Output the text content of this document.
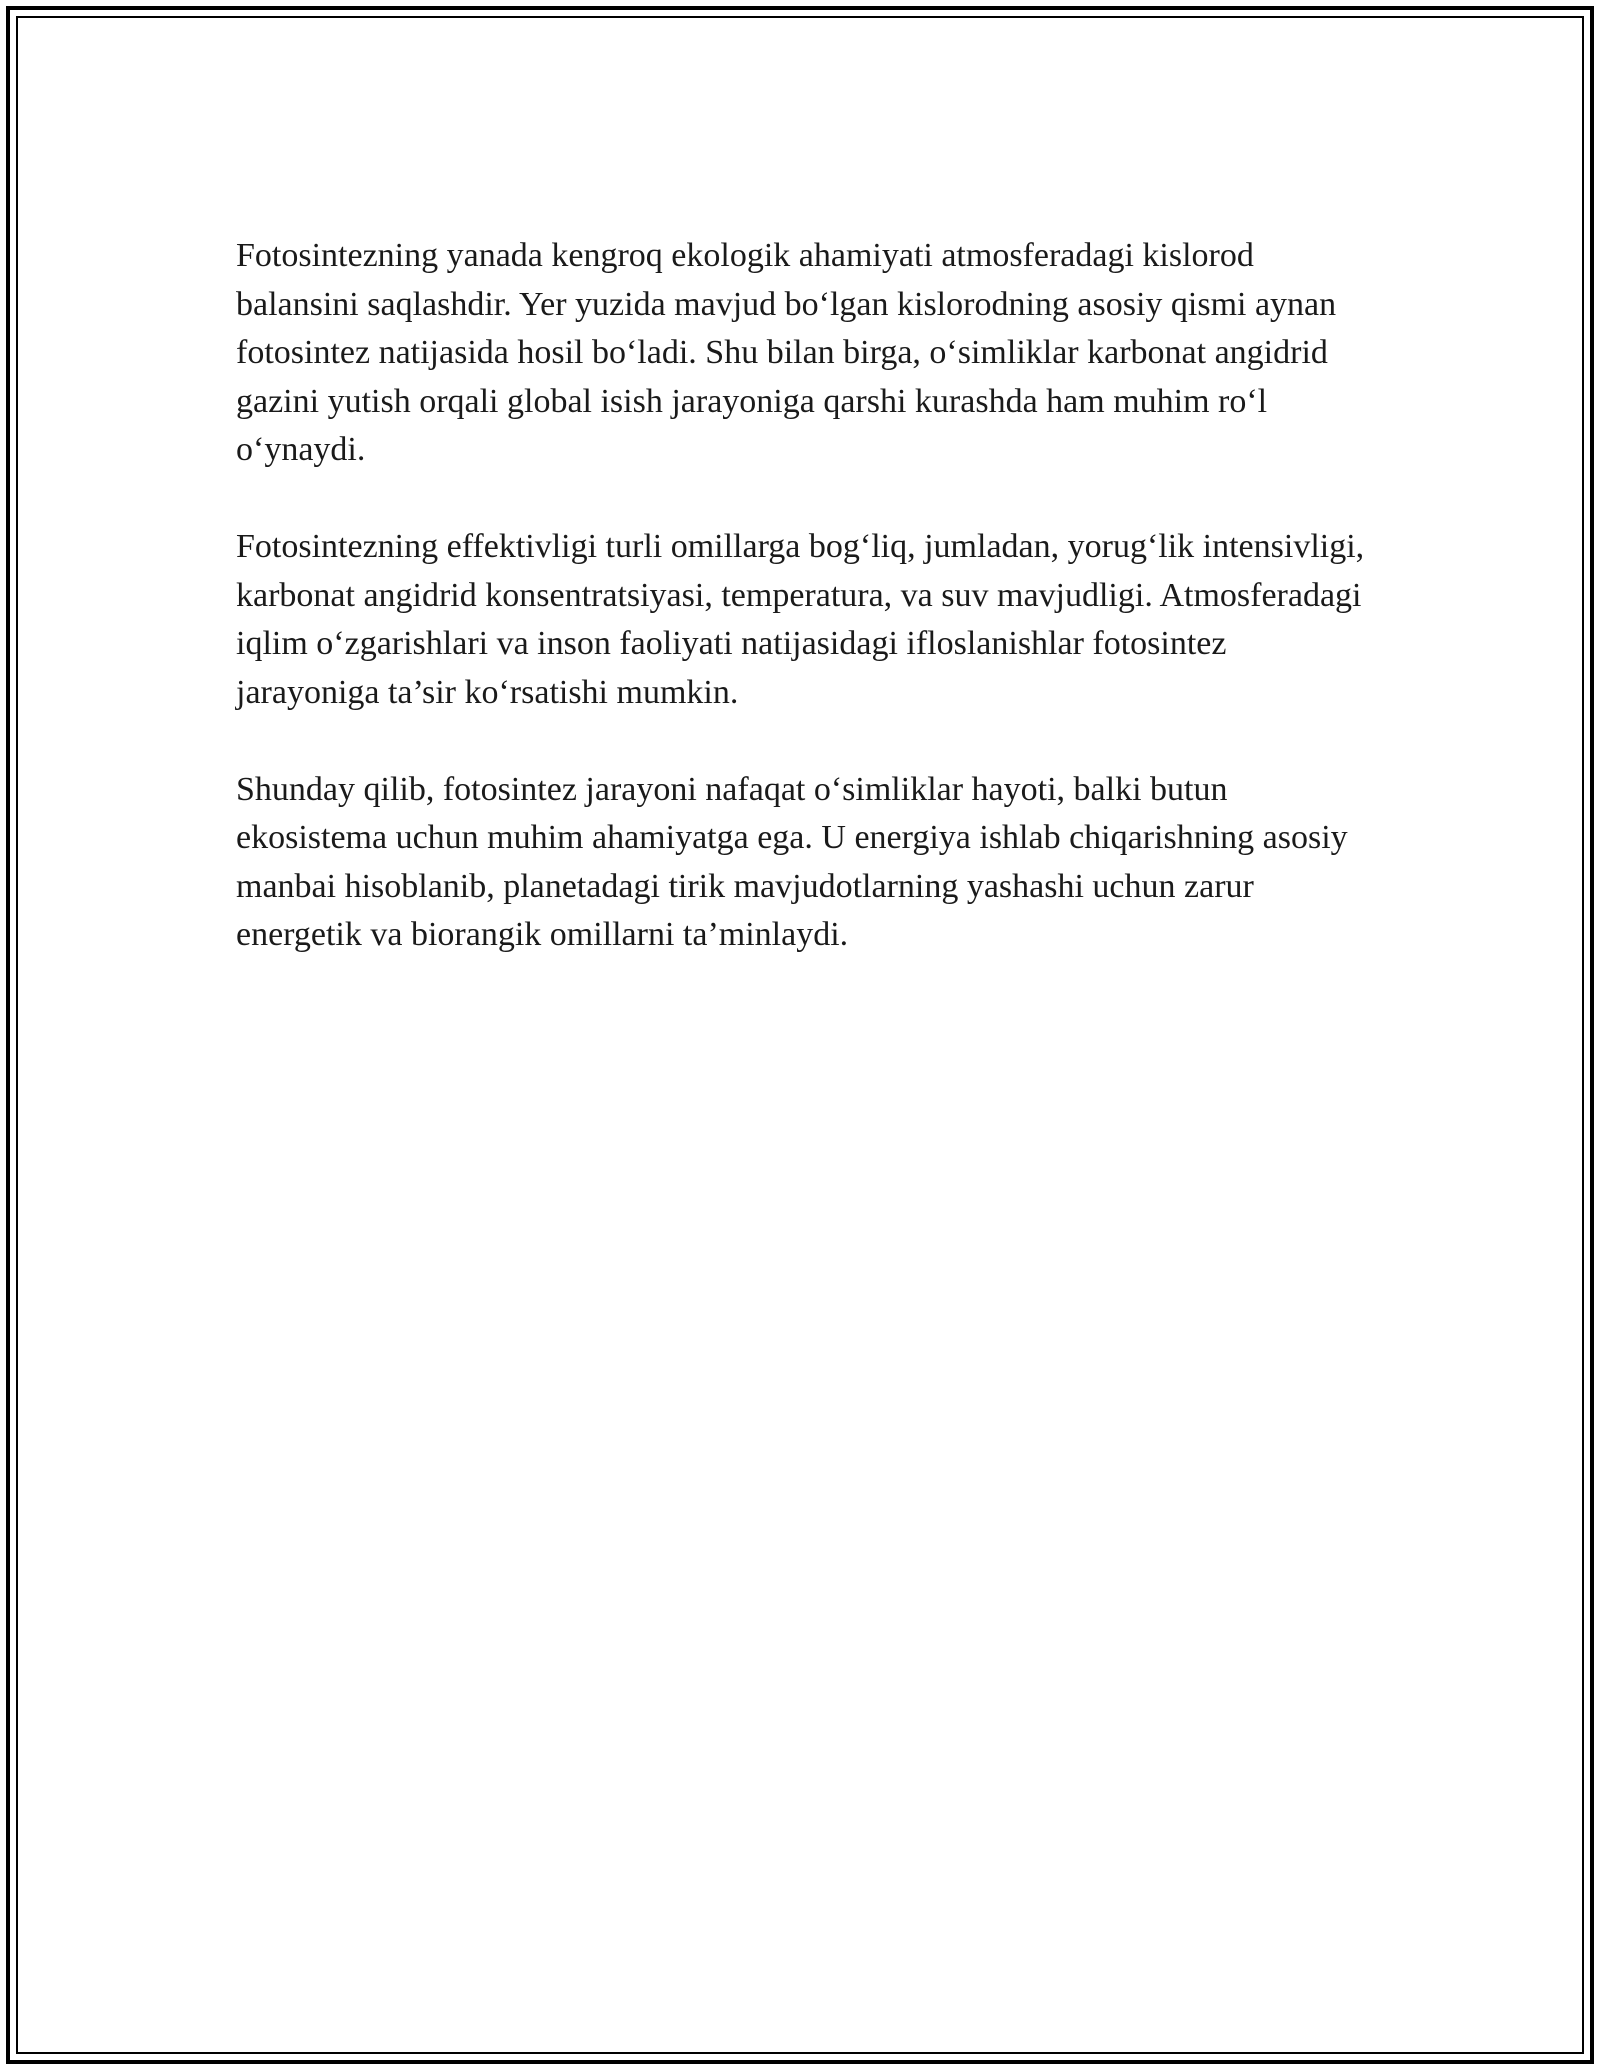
Fotosintezning yanada kengroq ekologik ahamiyati atmosferadagi kislorod balansini saqlashdir. Yer yuzida mavjud bo‘lgan kislorodning asosiy qismi aynan fotosintez natijasida hosil bo‘ladi. Shu bilan birga, o‘simliklar karbonat angidrid gazini yutish orqali global isish jarayoniga qarshi kurashda ham muhim ro‘l o‘ynaydi.

Fotosintezning effektivligi turli omillarga bog‘liq, jumladan, yorug‘lik intensivligi, karbonat angidrid konsentratsiyasi, temperatura, va suv mavjudligi. Atmosferadagi iqlim o‘zgarishlari va inson faoliyati natijasidagi ifloslanishlar fotosintez jarayoniga ta’sir ko‘rsatishi mumkin.

Shunday qilib, fotosintez jarayoni nafaqat o‘simliklar hayoti, balki butun ekosistema uchun muhim ahamiyatga ega. U energiya ishlab chiqarishning asosiy manbai hisoblanib, planetadagi tirik mavjudotlarning yashashi uchun zarur energetik va biorangik omillarni ta’minlaydi.
